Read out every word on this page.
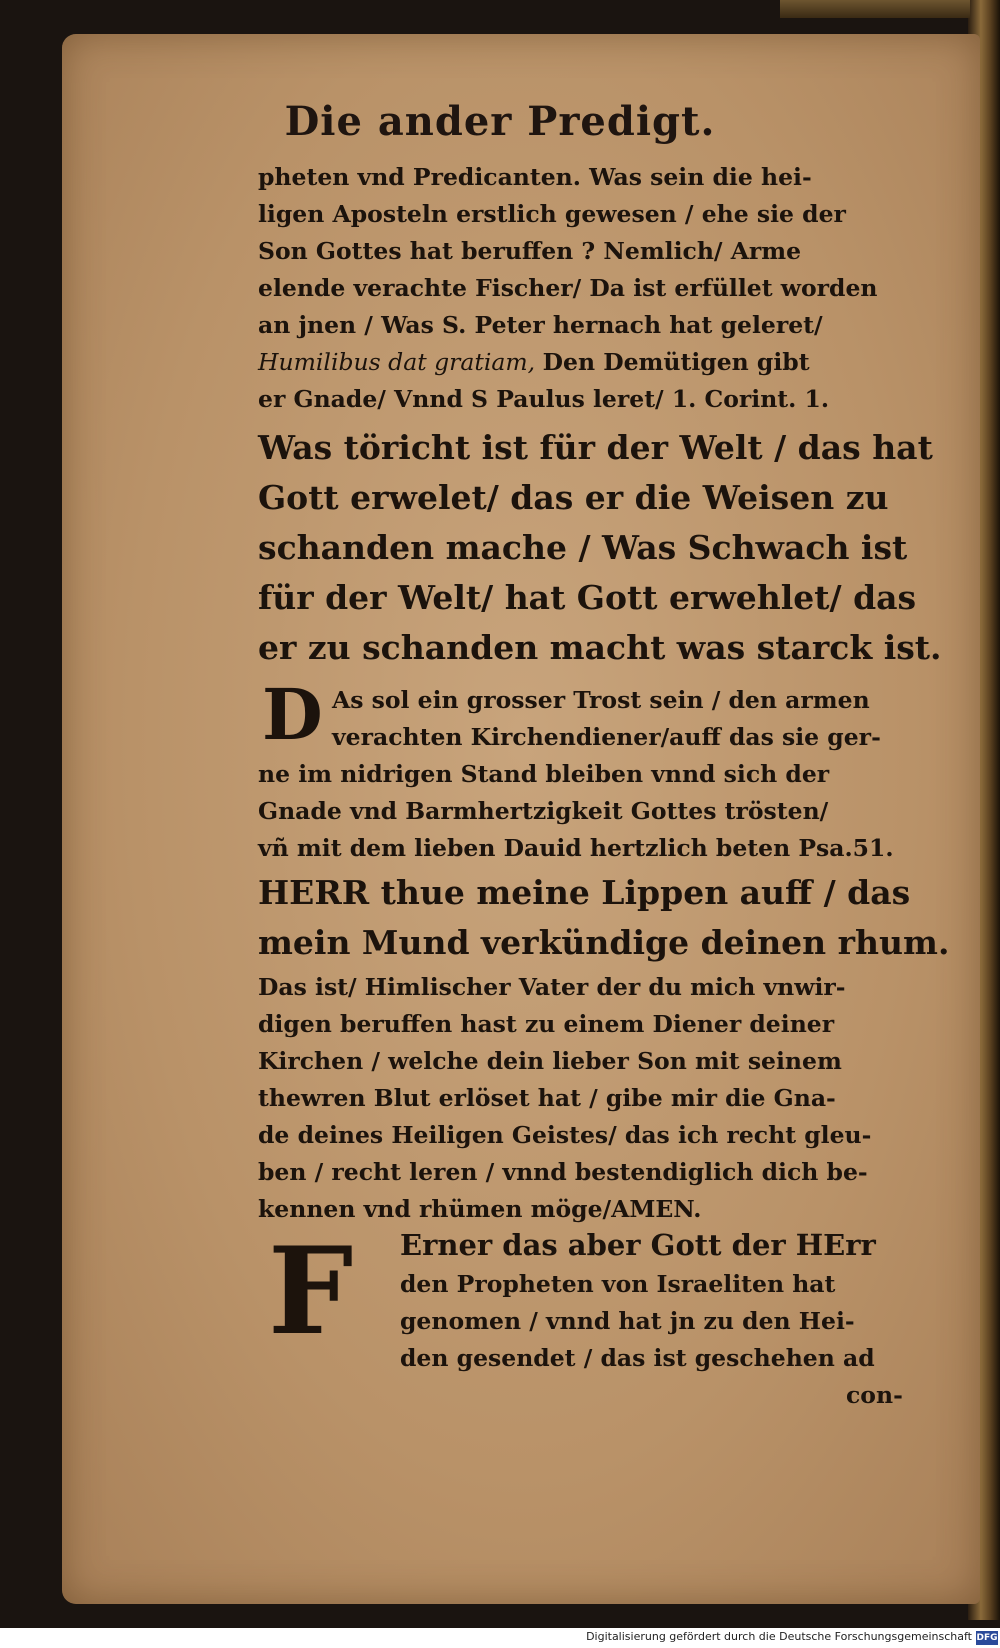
Die ander Predigt.
pheten vnd Predicanten. Was sein die hei-
ligen Aposteln erstlich gewesen / ehe sie der
Son Gottes hat beruffen ? Nemlich/ Arme
elende verachte Fischer/ Da ist erfüllet worden
an jnen / Was S. Peter hernach hat geleret/
Humilibus dat gratiam, Den Demütigen gibt
er Gnade/ Vnnd S Paulus leret/ 1. Corint. 1.
Was töricht ist für der Welt / das hat
Gott erwelet/ das er die Weisen zu
schanden mache / Was Schwach ist
für der Welt/ hat Gott erwehlet/ das
er zu schanden macht was starck ist.
D As sol ein grosser Trost sein / den armen
verachten Kirchendiener/auff das sie ger-
ne im nidrigen Stand bleiben vnnd sich der
Gnade vnd Barmhertzigkeit Gottes trösten/
vñ mit dem lieben Dauid hertzlich beten Psa.51.
HERR thue meine Lippen auff / das
mein Mund verkündige deinen rhum.
Das ist/ Himlischer Vater der du mich vnwir-
digen beruffen hast zu einem Diener deiner
Kirchen / welche dein lieber Son mit seinem
thewren Blut erlöset hat / gibe mir die Gna-
de deines Heiligen Geistes/ das ich recht gleu-
ben / recht leren / vnnd bestendiglich dich be-
kennen vnd rhümen möge/AMEN.
F Erner das aber Gott der HErr
den Propheten von Israeliten hat
genomen / vnnd hat jn zu den Hei-
den gesendet / das ist geschehen ad
con-
Digitalisierung gefördert durch die Deutsche Forschungsgemeinschaft DFG
